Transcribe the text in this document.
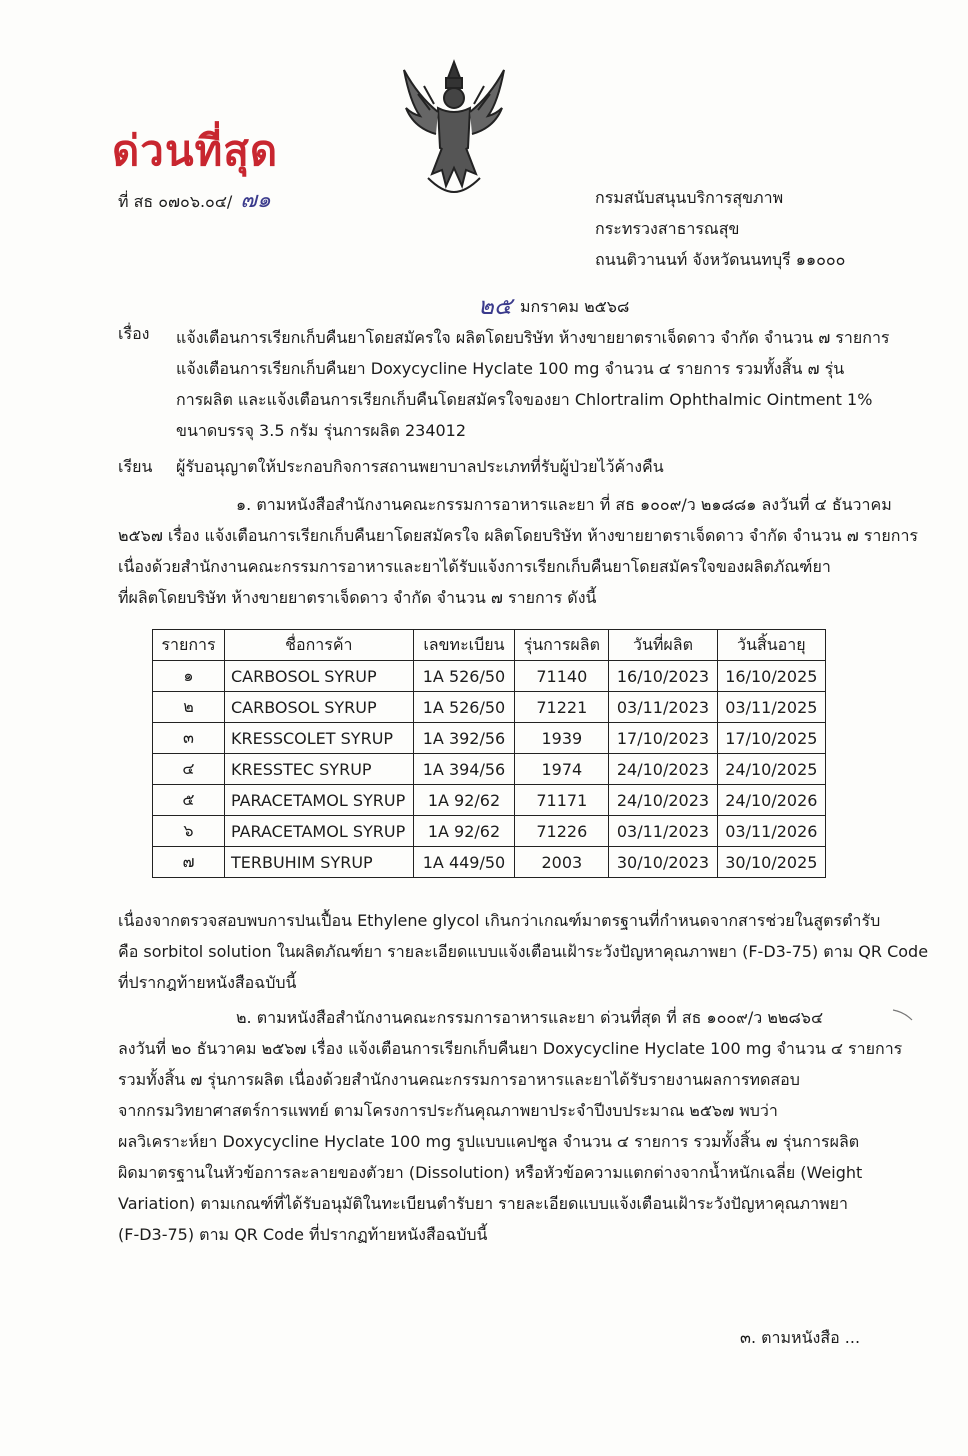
ด่วนที่สุด
ที่ สธ ๐๗๐๖.๐๔/ ๗๑	กรมสนับสนุนบริการสุขภาพ
กระทรวงสาธารณสุข
ถนนติวานนท์ จังหวัดนนทบุรี ๑๑๐๐๐
๒๕ มกราคม ๒๕๖๘
เรื่อง แจ้งเตือนการเรียกเก็บคืนยาโดยสมัครใจ ผลิตโดยบริษัท ห้างขายยาตราเจ็ดดาว จำกัด จำนวน ๗ รายการ
แจ้งเตือนการเรียกเก็บคืนยา Doxycycline Hyclate 100 mg จำนวน ๔ รายการ รวมทั้งสิ้น ๗ รุ่น
การผลิต และแจ้งเตือนการเรียกเก็บคืนโดยสมัครใจของยา Chlortralim Ophthalmic Ointment 1%
ขนาดบรรจุ 3.5 กรัม รุ่นการผลิต 234012
เรียน ผู้รับอนุญาตให้ประกอบกิจการสถานพยาบาลประเภทที่รับผู้ป่วยไว้ค้างคืน
๑. ตามหนังสือสำนักงานคณะกรรมการอาหารและยา ที่ สธ ๑๐๐๙/ว ๒๑๘๘๑ ลงวันที่ ๔ ธันวาคม
๒๕๖๗ เรื่อง แจ้งเตือนการเรียกเก็บคืนยาโดยสมัครใจ ผลิตโดยบริษัท ห้างขายยาตราเจ็ดดาว จำกัด จำนวน ๗ รายการ
เนื่องด้วยสำนักงานคณะกรรมการอาหารและยาได้รับแจ้งการเรียกเก็บคืนยาโดยสมัครใจของผลิตภัณฑ์ยา
ที่ผลิตโดยบริษัท ห้างขายยาตราเจ็ดดาว จำกัด จำนวน ๗ รายการ ดังนี้
รายการ	ชื่อการค้า	เลขทะเบียน	รุ่นการผลิต	วันที่ผลิต	วันสิ้นอายุ
๑	CARBOSOL SYRUP	1A 526/50	71140	16/10/2023	16/10/2025
๒	CARBOSOL SYRUP	1A 526/50	71221	03/11/2023	03/11/2025
๓	KRESSCOLET SYRUP	1A 392/56	1939	17/10/2023	17/10/2025
๔	KRESSTEC SYRUP	1A 394/56	1974	24/10/2023	24/10/2025
๕	PARACETAMOL SYRUP	1A 92/62	71171	24/10/2023	24/10/2026
๖	PARACETAMOL SYRUP	1A 92/62	71226	03/11/2023	03/11/2026
๗	TERBUHIM SYRUP	1A 449/50	2003	30/10/2023	30/10/2025
เนื่องจากตรวจสอบพบการปนเปื้อน Ethylene glycol เกินกว่าเกณฑ์มาตรฐานที่กำหนดจากสารช่วยในสูตรตำรับ
คือ sorbitol solution ในผลิตภัณฑ์ยา รายละเอียดแบบแจ้งเตือนเฝ้าระวังปัญหาคุณภาพยา (F-D3-75) ตาม QR Code
ที่ปรากฎท้ายหนังสือฉบับนี้
๒. ตามหนังสือสำนักงานคณะกรรมการอาหารและยา ด่วนที่สุด ที่ สธ ๑๐๐๙/ว ๒๒๘๖๔
ลงวันที่ ๒๐ ธันวาคม ๒๕๖๗ เรื่อง แจ้งเตือนการเรียกเก็บคืนยา Doxycycline Hyclate 100 mg จำนวน ๔ รายการ
รวมทั้งสิ้น ๗ รุ่นการผลิต เนื่องด้วยสำนักงานคณะกรรมการอาหารและยาได้รับรายงานผลการทดสอบ
จากกรมวิทยาศาสตร์การแพทย์ ตามโครงการประกันคุณภาพยาประจำปีงบประมาณ ๒๕๖๗ พบว่า
ผลวิเคราะห์ยา Doxycycline Hyclate 100 mg รูปแบบแคปซูล จำนวน ๔ รายการ รวมทั้งสิ้น ๗ รุ่นการผลิต
ผิดมาตรฐานในหัวข้อการละลายของตัวยา (Dissolution) หรือหัวข้อความแตกต่างจากน้ำหนักเฉลี่ย (Weight
Variation) ตามเกณฑ์ที่ได้รับอนุมัติในทะเบียนตำรับยา รายละเอียดแบบแจ้งเตือนเฝ้าระวังปัญหาคุณภาพยา
(F-D3-75) ตาม QR Code ที่ปรากฏท้ายหนังสือฉบับนี้
๓. ตามหนังสือ ...
